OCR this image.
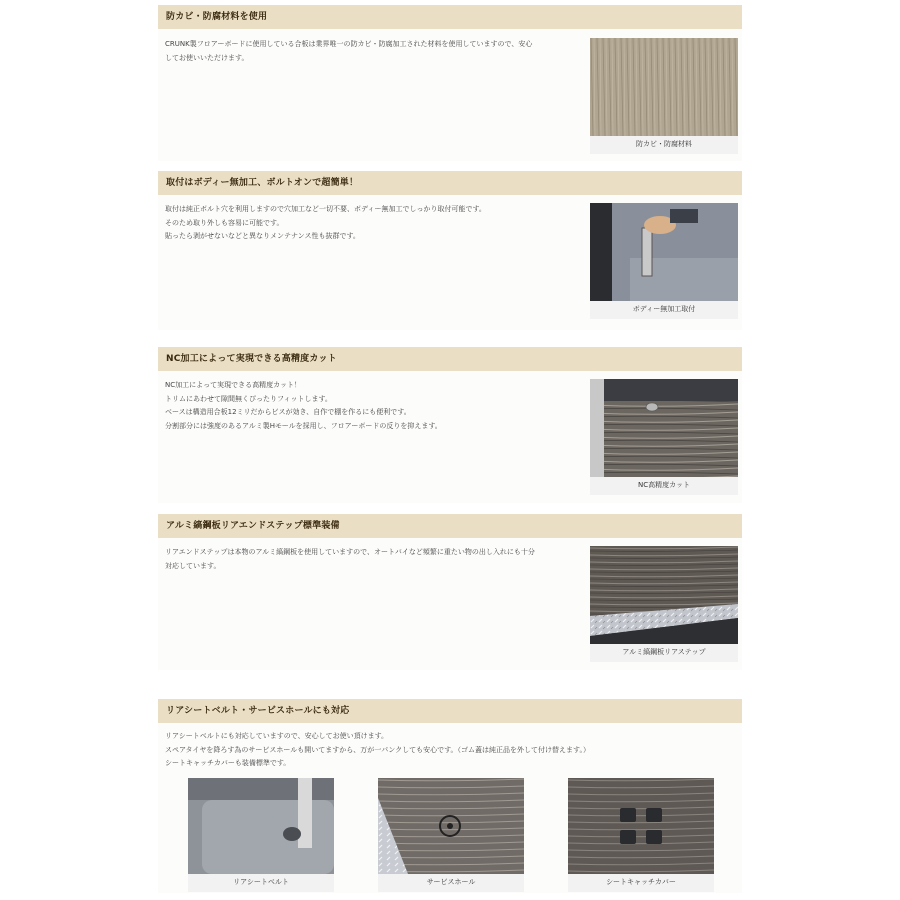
防カビ・防腐材料を使用
CRUNK製フロアーボードに使用している合板は業界唯一の防カビ・防腐加工された材料を使用していますので、安心
してお使いいただけます。
防カビ・防腐材料
取付はボディー無加工、ボルトオンで超簡単！
取付は純正ボルト穴を利用しますので穴加工など一切不要、ボディー無加工でしっかり取付可能です。
そのため取り外しも容易に可能です。
貼ったら剥がせないなどと異なりメンテナンス性も抜群です。
ボディー無加工取付
NC加工によって実現できる高精度カット
NC加工によって実現できる高精度カット！
トリムにあわせて隙間無くぴったりフィットします。
ベースは構造用合板12ミリだからビスが効き、自作で棚を作るにも便利です。
分割部分には強度のあるアルミ製Hモールを採用し、フロアーボードの反りを抑えます。
NC高精度カット
アルミ縞鋼板リアエンドステップ標準装備
リアエンドステップは本物のアルミ縞鋼板を使用していますので、オートバイなど頻繁に重たい物の出し入れにも十分
対応しています。
アルミ縞鋼板リアステップ
リアシートベルト・サービスホールにも対応
リアシートベルトにも対応していますので、安心してお使い頂けます。
スペアタイヤを降ろす為のサービスホールも開いてますから、万が一パンクしても安心です。（ゴム蓋は純正品を外して付け替えます。）
シートキャッチカバーも装備標準です。
リアシートベルト	サービスホール	シートキャッチカバー
